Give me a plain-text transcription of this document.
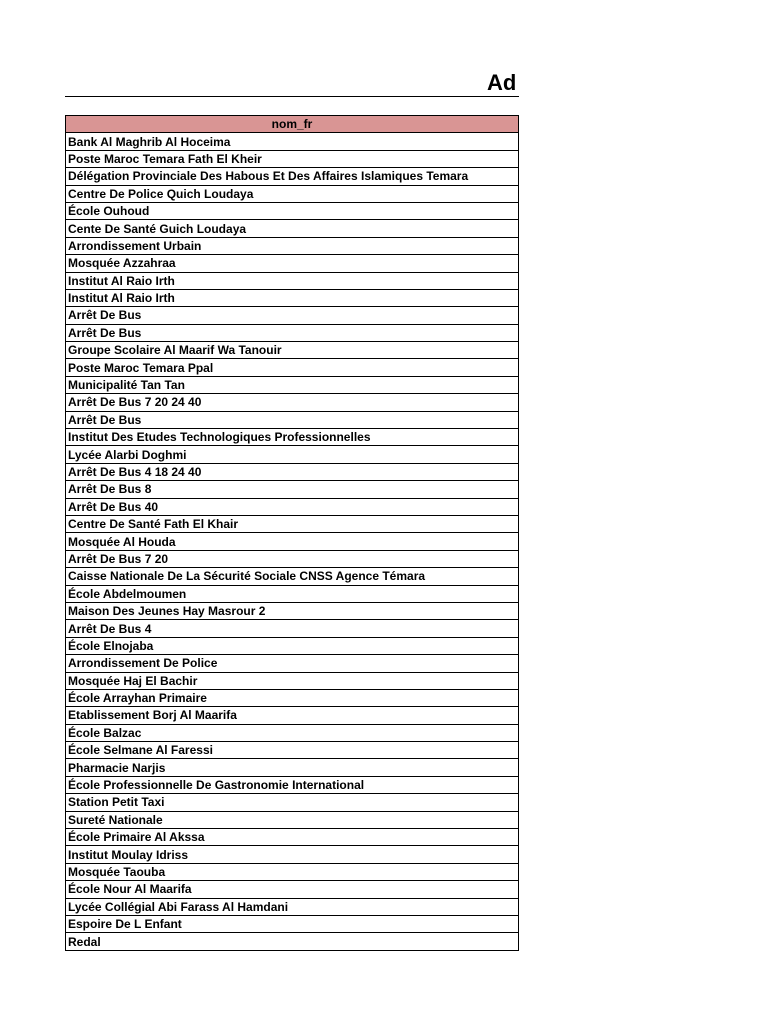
Ad
nom_fr
Bank Al Maghrib Al Hoceima
Poste Maroc Temara Fath El Kheir
Délégation Provinciale Des Habous Et Des Affaires Islamiques Temara
Centre De Police Quich Loudaya
École Ouhoud
Cente De Santé Guich Loudaya
Arrondissement Urbain
Mosquée Azzahraa
Institut Al Raio Irth
Institut Al Raio Irth
Arrêt De Bus
Arrêt De Bus
Groupe Scolaire Al Maarif Wa Tanouir
Poste Maroc Temara Ppal
Municipalité Tan Tan
Arrêt De Bus 7 20 24 40
Arrêt De Bus
Institut Des Etudes Technologiques Professionnelles
Lycée Alarbi Doghmi
Arrêt De Bus 4 18 24 40
Arrêt De Bus 8
Arrêt De Bus 40
Centre De Santé Fath El Khair
Mosquée Al Houda
Arrêt De Bus 7 20
Caisse Nationale De La Sécurité Sociale CNSS Agence Témara
École Abdelmoumen
Maison Des Jeunes Hay Masrour 2
Arrêt De Bus 4
École Elnojaba
Arrondissement De Police
Mosquée Haj El Bachir
École Arrayhan Primaire
Etablissement Borj Al Maarifa
École Balzac
École Selmane Al Faressi
Pharmacie Narjis
École Professionnelle De Gastronomie International
Station Petit Taxi
Sureté Nationale
École Primaire Al Akssa
Institut Moulay Idriss
Mosquée Taouba
École Nour Al Maarifa
Lycée Collégial Abi Farass Al Hamdani
Espoire De L Enfant
Redal
